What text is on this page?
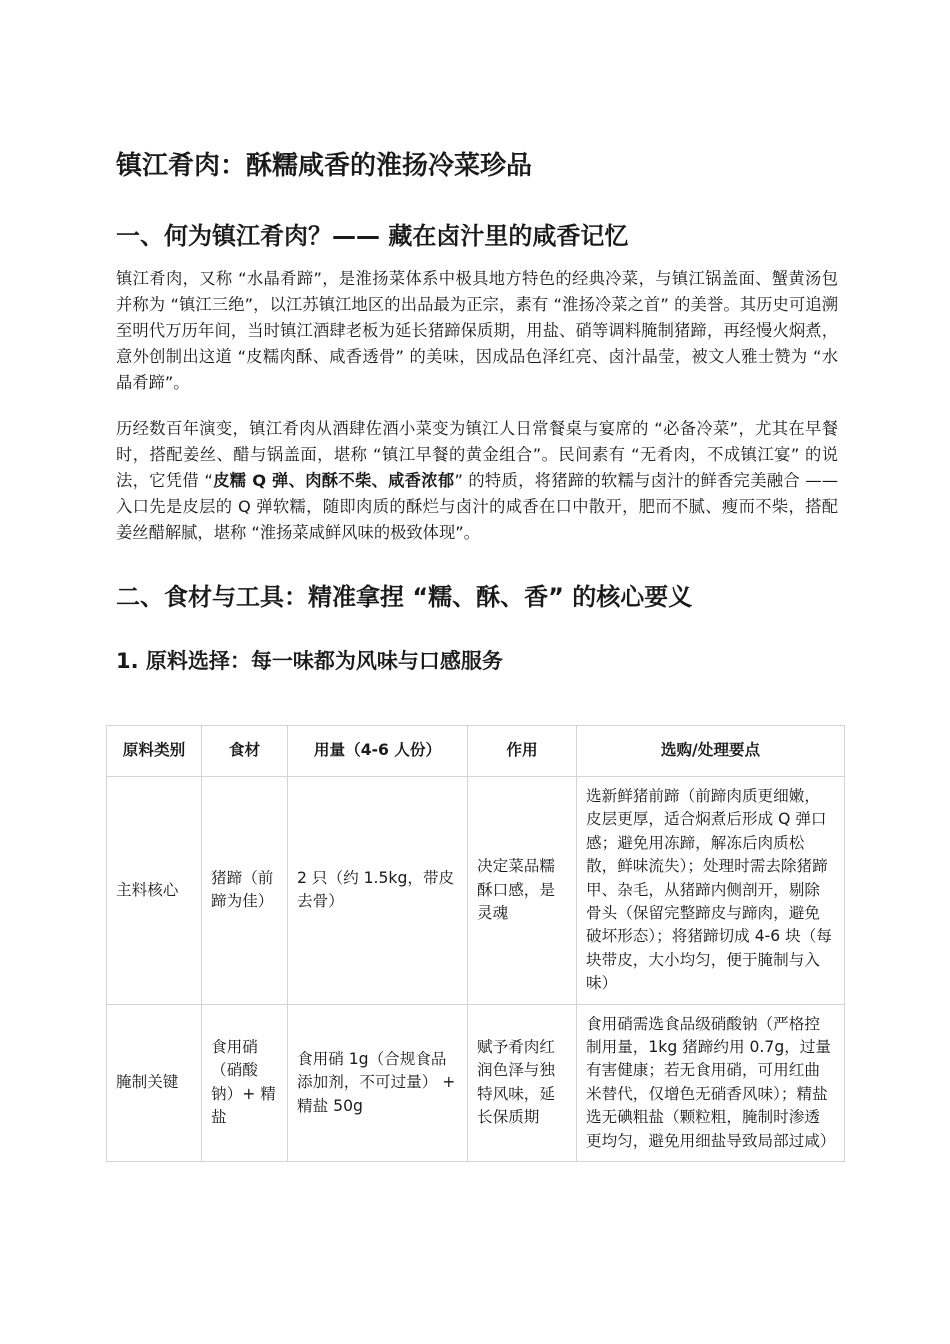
镇江肴肉：酥糯咸香的淮扬冷菜珍品
一、何为镇江肴肉？—— 藏在卤汁里的咸香记忆

镇江肴肉，又称 “水晶肴蹄”，是淮扬菜体系中极具地方特色的经典冷菜，与镇江锅盖面、蟹黄汤包并称为 “镇江三绝”，以江苏镇江地区的出品最为正宗，素有 “淮扬冷菜之首” 的美誉。其历史可追溯至明代万历年间，当时镇江酒肆老板为延长猪蹄保质期，用盐、硝等调料腌制猪蹄，再经慢火焖煮，意外创制出这道 “皮糯肉酥、咸香透骨” 的美味，因成品色泽红亮、卤汁晶莹，被文人雅士赞为 “水晶肴蹄”。

历经数百年演变，镇江肴肉从酒肆佐酒小菜变为镇江人日常餐桌与宴席的 “必备冷菜”，尤其在早餐时，搭配姜丝、醋与锅盖面，堪称 “镇江早餐的黄金组合”。民间素有 “无肴肉，不成镇江宴” 的说法，它凭借 “皮糯 Q 弹、肉酥不柴、咸香浓郁” 的特质，将猪蹄的软糯与卤汁的鲜香完美融合 —— 入口先是皮层的 Q 弹软糯，随即肉质的酥烂与卤汁的咸香在口中散开，肥而不腻、瘦而不柴，搭配姜丝醋解腻，堪称 “淮扬菜咸鲜风味的极致体现”。

二、食材与工具：精准拿捏 “糯、酥、香” 的核心要义
1. 原料选择：每一味都为风味与口感服务
原料类别	食材	用量（4-6 人份）	作用	选购/处理要点
主料核心	猪蹄（前蹄为佳）	2 只（约 1.5kg，带皮去骨）	决定菜品糯酥口感，是灵魂	选新鲜猪前蹄（前蹄肉质更细嫩，皮层更厚，适合焖煮后形成 Q 弹口感；避免用冻蹄，解冻后肉质松散，鲜味流失）；处理时需去除猪蹄甲、杂毛，从猪蹄内侧剖开，剔除骨头（保留完整蹄皮与蹄肉，避免破坏形态）；将猪蹄切成 4-6 块（每块带皮，大小均匀，便于腌制与入味）
腌制关键	食用硝（硝酸钠）+ 精盐	食用硝 1g（合规食品添加剂，不可过量） + 精盐 50g	赋予肴肉红润色泽与独特风味，延长保质期	食用硝需选食品级硝酸钠（严格控制用量，1kg 猪蹄约用 0.7g，过量有害健康；若无食用硝，可用红曲米替代，仅增色无硝香风味）；精盐选无碘粗盐（颗粒粗，腌制时渗透更均匀，避免用细盐导致局部过咸）
